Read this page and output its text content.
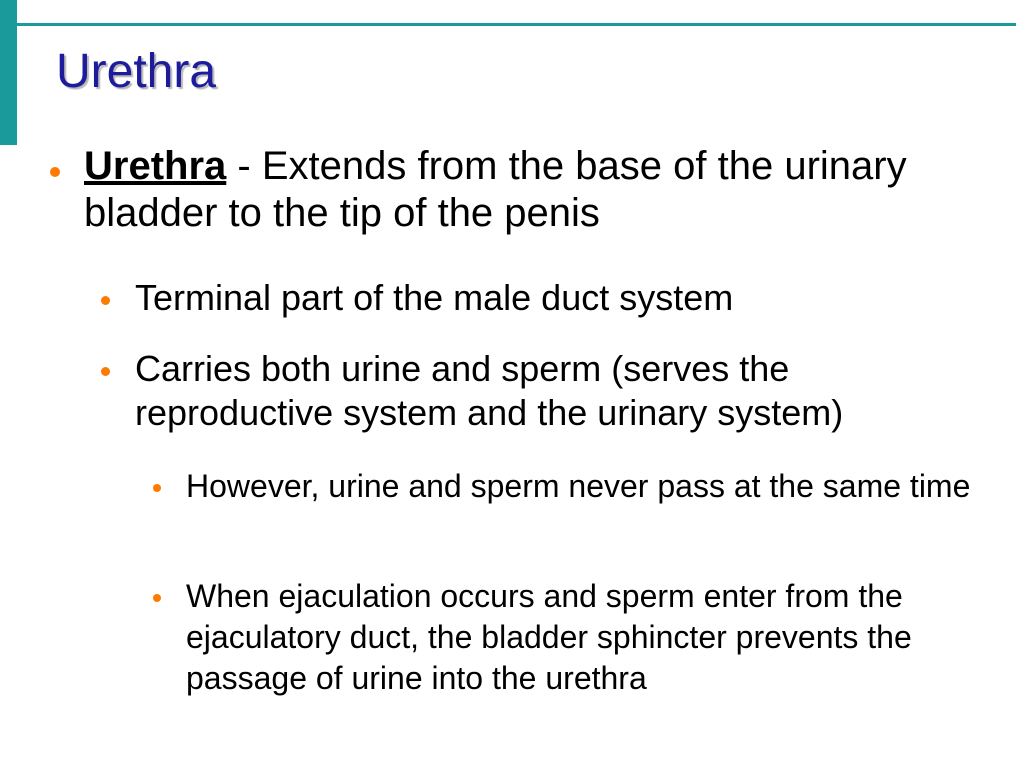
Urethra
Urethra - Extends from the base of the urinary bladder to the tip of the penis
Terminal part of the male duct system
Carries both urine and sperm (serves the reproductive system and the urinary system)
However, urine and sperm never pass at the same time
When ejaculation occurs and sperm enter from the ejaculatory duct, the bladder sphincter prevents the passage of urine into the urethra
